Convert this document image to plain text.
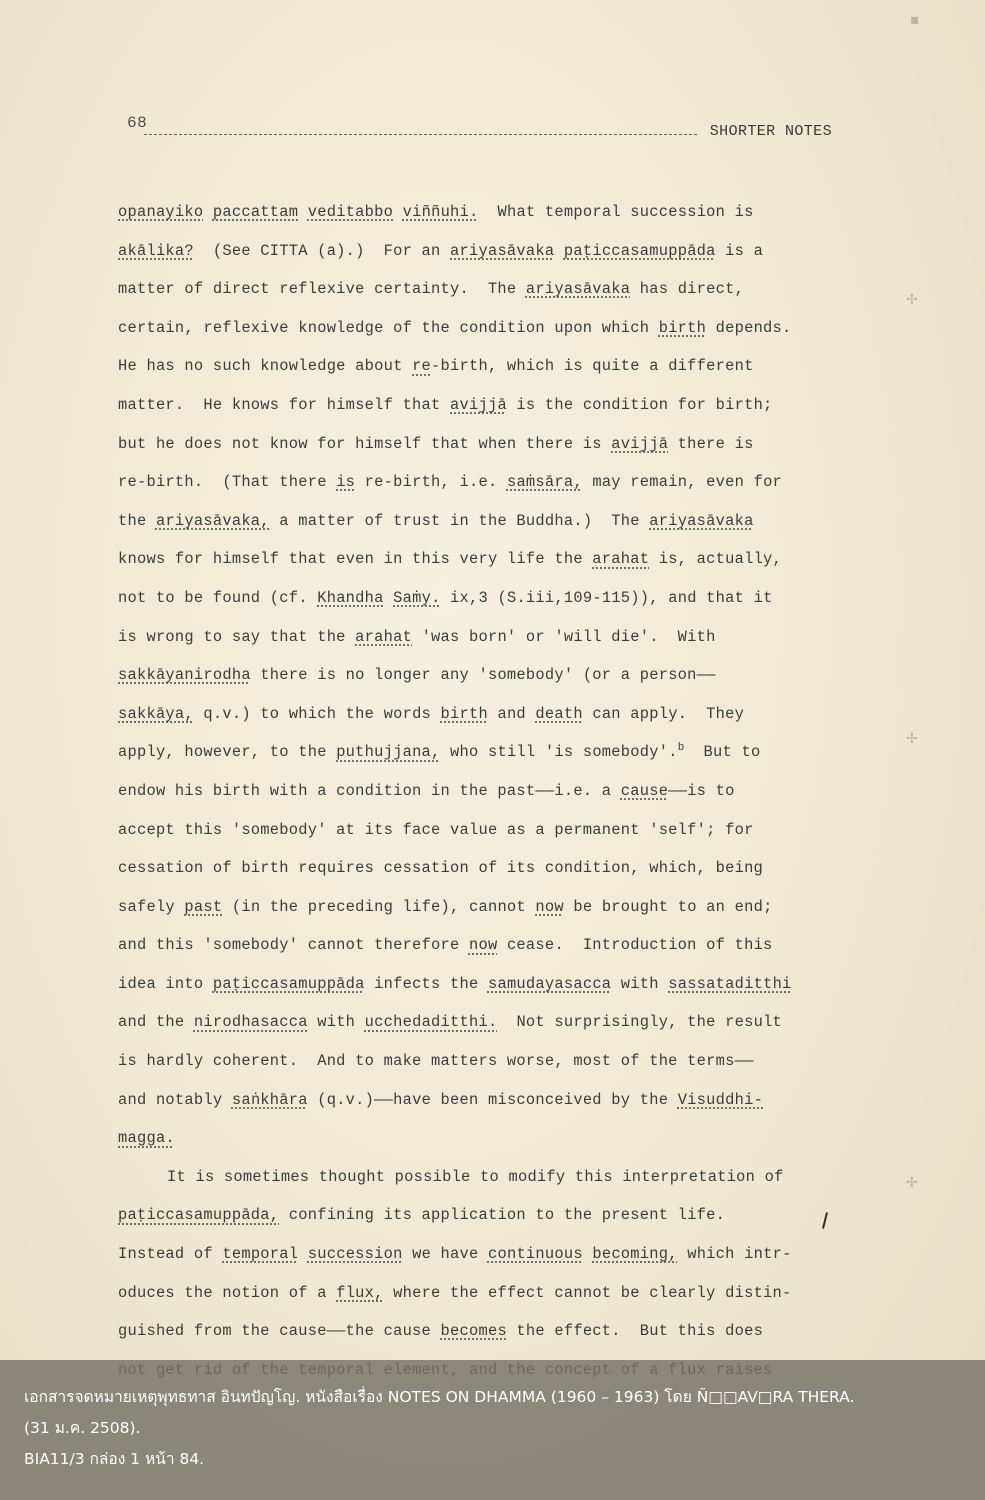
▪
✢
✢
✢
68	SHORTER NOTES
opanayiko paccattam veditabbo viññuhi.  What temporal succession is
akālika?  (See CITTA (a).)  For an ariyasāvaka paṭiccasamuppāda is a
matter of direct reflexive certainty.  The ariyasāvaka has direct,
certain, reflexive knowledge of the condition upon which birth depends.
He has no such knowledge about re-birth, which is quite a different
matter.  He knows for himself that avijjā is the condition for birth;
but he does not know for himself that when there is avijjā there is
re-birth.  (That there is re-birth, i.e. saṁsāra, may remain, even for
the ariyasāvaka, a matter of trust in the Buddha.)  The ariyasāvaka
knows for himself that even in this very life the arahat is, actually,
not to be found (cf. Khandha Saṁy. ix,3 (S.iii,109-115)), and that it
is wrong to say that the arahat 'was born' or 'will die'.  With
sakkāyanirodha there is no longer any 'somebody' (or a person——
sakkāya, q.v.) to which the words birth and death can apply.  They
apply, however, to the puthujjana, who still 'is somebody'.$^b$  But to
endow his birth with a condition in the past——i.e. a cause——is to
accept this 'somebody' at its face value as a permanent 'self'; for
cessation of birth requires cessation of its condition, which, being
safely past (in the preceding life), cannot now be brought to an end;
and this 'somebody' cannot therefore now cease.  Introduction of this
idea into paṭiccasamuppāda infects the samudayasacca with sassataditthi
and the nirodhasacca with ucchedaditthi.  Not surprisingly, the result
is hardly coherent.  And to make matters worse, most of the terms——
and notably saṅkhāra (q.v.)——have been misconceived by the Visuddhi-
magga.
It is sometimes thought possible to modify this interpretation of
paṭiccasamuppāda, confining its application to the present life.
Instead of temporal succession we have continuous becoming, which intr-
oduces the notion of a flux, where the effect cannot be clearly distin-
guished from the cause——the cause becomes the effect.  But this does
เอกสารจดหมายเหตุพุทธทาส อินทปัญโญ. หนังสือเรื่อง NOTES ON DHAMMA (1960 – 1963) โดย Ñ□□AV□RA THERA.
(31 ม.ค. 2508).
BIA11/3 กล่อง 1 หน้า 84.
